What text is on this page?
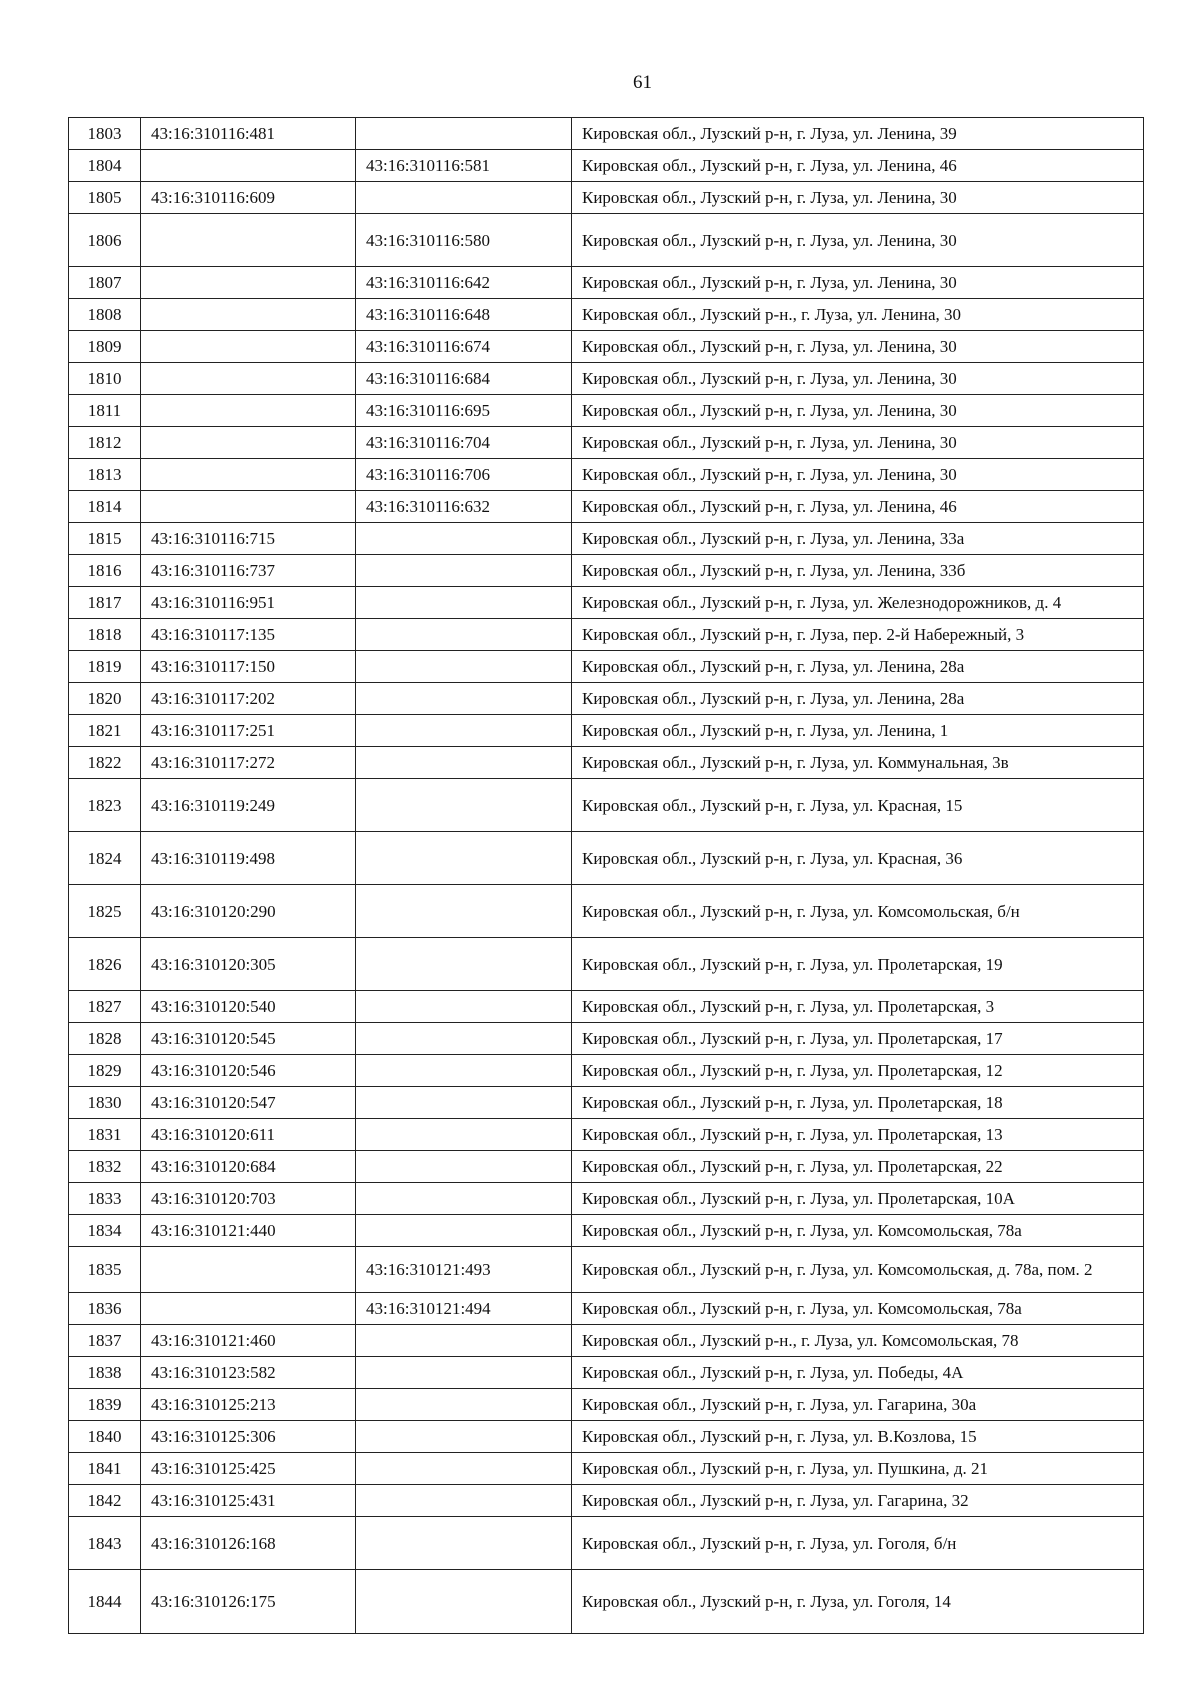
61
1803	43:16:310116:481		Кировская обл., Лузский р-н, г. Луза, ул. Ленина, 39
1804		43:16:310116:581	Кировская обл., Лузский р-н, г. Луза, ул. Ленина, 46
1805	43:16:310116:609		Кировская обл., Лузский р-н, г. Луза, ул. Ленина, 30
1806		43:16:310116:580	Кировская обл., Лузский р-н, г. Луза, ул. Ленина, 30
1807		43:16:310116:642	Кировская обл., Лузский р-н, г. Луза, ул. Ленина, 30
1808		43:16:310116:648	Кировская обл., Лузский р-н., г. Луза, ул. Ленина, 30
1809		43:16:310116:674	Кировская обл., Лузский р-н, г. Луза, ул. Ленина, 30
1810		43:16:310116:684	Кировская обл., Лузский р-н, г. Луза, ул. Ленина, 30
1811		43:16:310116:695	Кировская обл., Лузский р-н, г. Луза, ул. Ленина, 30
1812		43:16:310116:704	Кировская обл., Лузский р-н, г. Луза, ул. Ленина, 30
1813		43:16:310116:706	Кировская обл., Лузский р-н, г. Луза, ул. Ленина, 30
1814		43:16:310116:632	Кировская обл., Лузский р-н, г. Луза, ул. Ленина, 46
1815	43:16:310116:715		Кировская обл., Лузский р-н, г. Луза, ул. Ленина, 33а
1816	43:16:310116:737		Кировская обл., Лузский р-н, г. Луза, ул. Ленина, 33б
1817	43:16:310116:951		Кировская обл., Лузский р-н, г. Луза, ул. Железнодорожников, д. 4
1818	43:16:310117:135		Кировская обл., Лузский р-н, г. Луза, пер. 2-й Набережный, 3
1819	43:16:310117:150		Кировская обл., Лузский р-н, г. Луза, ул. Ленина, 28а
1820	43:16:310117:202		Кировская обл., Лузский р-н, г. Луза, ул. Ленина, 28а
1821	43:16:310117:251		Кировская обл., Лузский р-н, г. Луза, ул. Ленина, 1
1822	43:16:310117:272		Кировская обл., Лузский р-н, г. Луза, ул. Коммунальная, 3в
1823	43:16:310119:249		Кировская обл., Лузский р-н, г. Луза, ул. Красная, 15
1824	43:16:310119:498		Кировская обл., Лузский р-н, г. Луза, ул. Красная, 36
1825	43:16:310120:290		Кировская обл., Лузский р-н, г. Луза, ул. Комсомольская, б/н
1826	43:16:310120:305		Кировская обл., Лузский р-н, г. Луза, ул. Пролетарская, 19
1827	43:16:310120:540		Кировская обл., Лузский р-н, г. Луза, ул. Пролетарская, 3
1828	43:16:310120:545		Кировская обл., Лузский р-н, г. Луза, ул. Пролетарская, 17
1829	43:16:310120:546		Кировская обл., Лузский р-н, г. Луза, ул. Пролетарская, 12
1830	43:16:310120:547		Кировская обл., Лузский р-н, г. Луза, ул. Пролетарская, 18
1831	43:16:310120:611		Кировская обл., Лузский р-н, г. Луза, ул. Пролетарская, 13
1832	43:16:310120:684		Кировская обл., Лузский р-н, г. Луза, ул. Пролетарская, 22
1833	43:16:310120:703		Кировская обл., Лузский р-н, г. Луза, ул. Пролетарская, 10А
1834	43:16:310121:440		Кировская обл., Лузский р-н, г. Луза, ул. Комсомольская, 78а
1835		43:16:310121:493	Кировская обл., Лузский р-н, г. Луза, ул. Комсомольская, д. 78а, пом. 2
1836		43:16:310121:494	Кировская обл., Лузский р-н, г. Луза, ул. Комсомольская, 78а
1837	43:16:310121:460		Кировская обл., Лузский р-н., г. Луза, ул. Комсомольская, 78
1838	43:16:310123:582		Кировская обл., Лузский р-н, г. Луза, ул. Победы, 4А
1839	43:16:310125:213		Кировская обл., Лузский р-н, г. Луза, ул. Гагарина, 30а
1840	43:16:310125:306		Кировская обл., Лузский р-н, г. Луза, ул. В.Козлова, 15
1841	43:16:310125:425		Кировская обл., Лузский р-н, г. Луза, ул. Пушкина, д. 21
1842	43:16:310125:431		Кировская обл., Лузский р-н, г. Луза, ул. Гагарина, 32
1843	43:16:310126:168		Кировская обл., Лузский р-н, г. Луза, ул. Гоголя, б/н
1844	43:16:310126:175		Кировская обл., Лузский р-н, г. Луза, ул. Гоголя, 14
